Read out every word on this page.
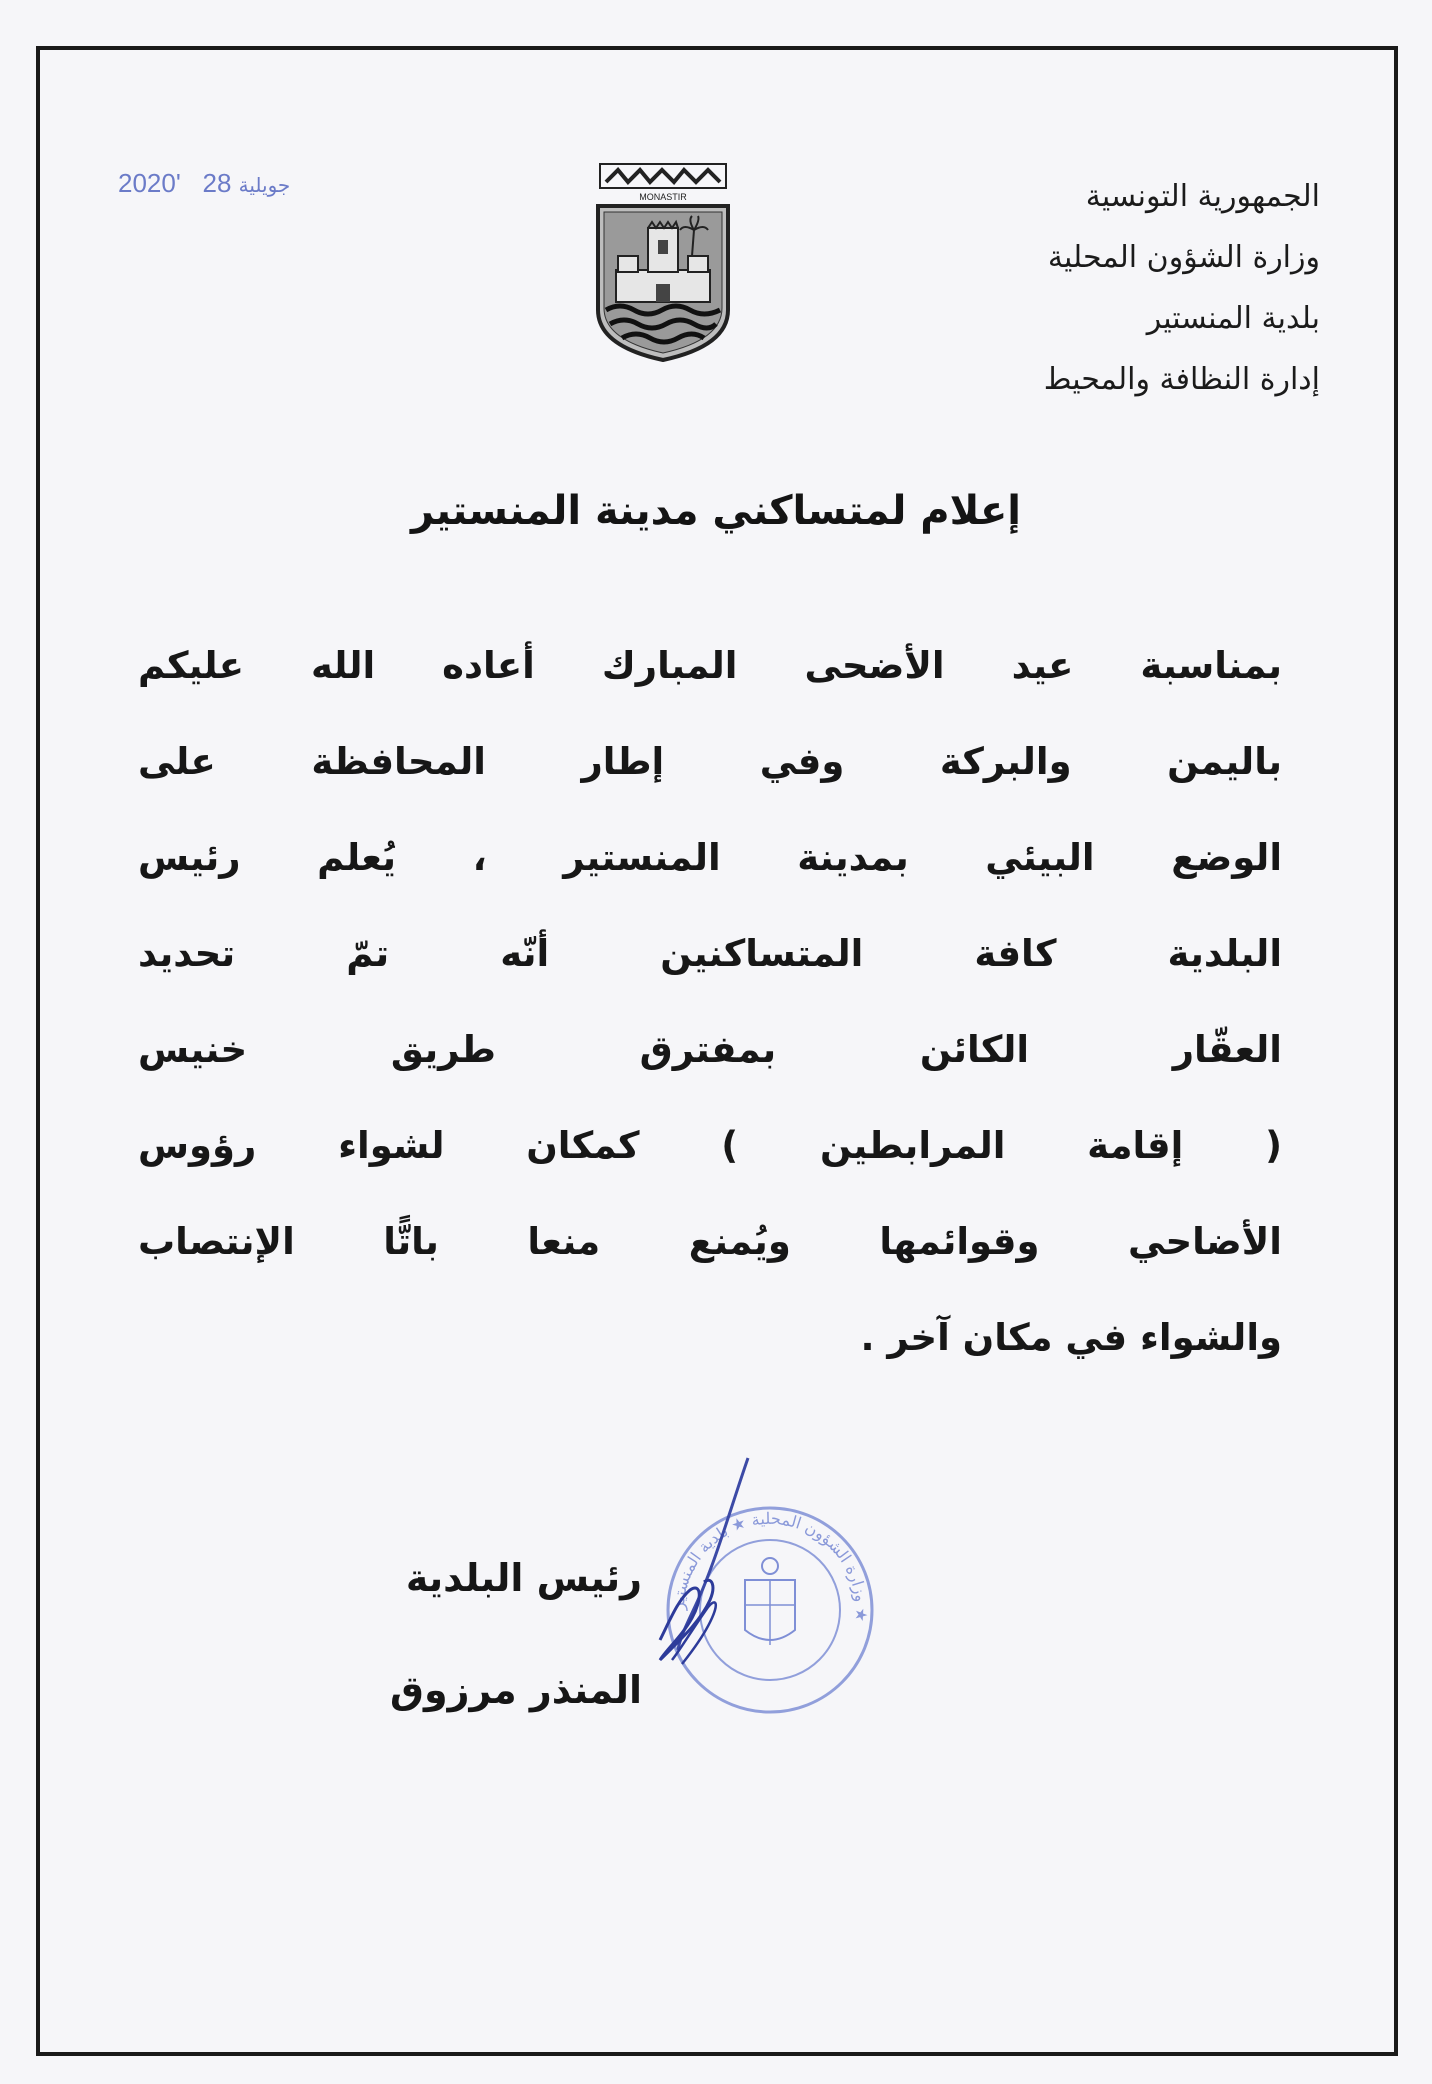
الجمهورية التونسية
وزارة الشؤون المحلية
بلدية المنستير
إدارة النظافة والمحيط
2020'	جويلية 28	MONASTIR
إعلام لمتساكني مدينة المنستير
بمناسبة عيد الأضحى المبارك أعاده الله عليكم
باليمن والبركة وفي إطار المحافظة على
الوضع البيئي بمدينة المنستير ، يُعلم رئيس
البلدية كافة المتساكنين أنّه تمّ تحديد
العقّار الكائن بمفترق طريق خنيس
( إقامة المرابطين ) كمكان لشواء رؤوس
الأضاحي وقوائمها ويُمنع منعا باتًّا الإنتصاب
والشواء في مكان آخر .
وزارة الشؤون المحلية ★ بلدية المنستير ★
رئيس البلدية
المنذر مرزوق
